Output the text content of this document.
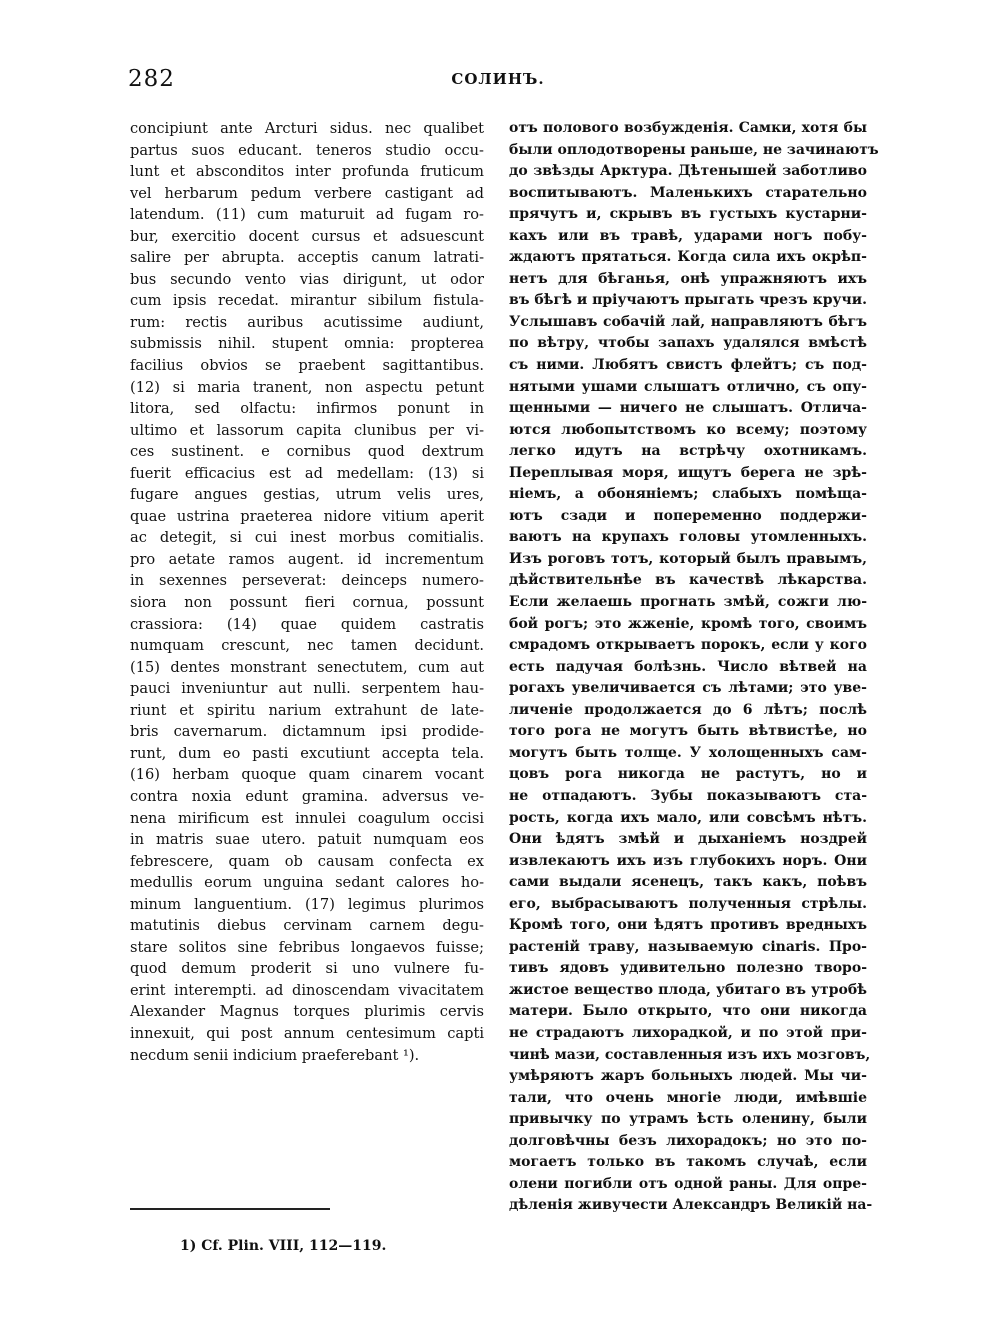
282	СОЛИНЪ.
concipiunt ante Arcturi sidus. nec qualibet
partus suos educant. teneros studio occu-
lunt et absconditos inter profunda fruticum
vel herbarum pedum verbere castigant ad
latendum. (11) cum maturuit ad fugam ro-
bur, exercitio docent cursus et adsuescunt
salire per abrupta. acceptis canum latrati-
bus secundo vento vias dirigunt, ut odor
cum ipsis recedat. mirantur sibilum fistula-
rum: rectis auribus acutissime audiunt,
submissis nihil. stupent omnia: propterea
facilius obvios se praebent sagittantibus.
(12) si maria tranent, non aspectu petunt
litora, sed olfactu: infirmos ponunt in
ultimo et lassorum capita clunibus per vi-
ces sustinent. e cornibus quod dextrum
fuerit efficacius est ad medellam: (13) si
fugare angues gestias, utrum velis ures,
quae ustrina praeterea nidore vitium aperit
ac detegit, si cui inest morbus comitialis.
pro aetate ramos augent. id incrementum
in sexennes perseverat: deinceps numero-
siora non possunt fieri cornua, possunt
crassiora: (14) quae quidem castratis
numquam crescunt, nec tamen decidunt.
(15) dentes monstrant senectutem, cum aut
pauci inveniuntur aut nulli. serpentem hau-
riunt et spiritu narium extrahunt de late-
bris cavernarum. dictamnum ipsi prodide-
runt, dum eo pasti excutiunt accepta tela.
(16) herbam quoque quam cinarem vocant
contra noxia edunt gramina. adversus ve-
nena mirificum est innulei coagulum occisi
in matris suae utero. patuit numquam eos
febrescere, quam ob causam confecta ex
medullis eorum unguina sedant calores ho-
minum languentium. (17) legimus plurimos
matutinis diebus cervinam carnem degu-
stare solitos sine febribus longaevos fuisse;
quod demum proderit si uno vulnere fu-
erint interempti. ad dinoscendam vivacitatem
Alexander Magnus torques plurimis cervis
innexuit, qui post annum centesimum capti
necdum senii indicium praeferebant ¹).
отъ полового возбужденія. Самки, хотя бы
были оплодотворены раньше, не зачинаютъ
до звѣзды Арктура. Дѣтенышей заботливо
воспитываютъ. Маленькихъ старательно
прячутъ и, скрывъ въ густыхъ кустарни-
кахъ или въ травѣ, ударами ногъ побу-
ждаютъ прятаться. Когда сила ихъ окрѣп-
нетъ для бѣганья, онѣ упражняютъ ихъ
въ бѣгѣ и пріучаютъ прыгать чрезъ кручи.
Услышавъ собачій лай, направляютъ бѣгъ
по вѣтру, чтобы запахъ удалялся вмѣстѣ
съ ними. Любятъ свистъ флейтъ; съ под-
нятыми ушами слышатъ отлично, съ опу-
щенными — ничего не слышатъ. Отлича-
ются любопытствомъ ко всему; поэтому
легко идутъ на встрѣчу охотникамъ.
Переплывая моря, ищутъ берега не зрѣ-
ніемъ, а обоняніемъ; слабыхъ помѣща-
ютъ сзади и попеременно поддержи-
ваютъ на крупахъ головы утомленныхъ.
Изъ роговъ тотъ, который былъ правымъ,
дѣйствительнѣе въ качествѣ лѣкарства.
Если желаешь прогнать змѣй, сожги лю-
бой рогъ; это жженіе, кромѣ того, своимъ
смрадомъ открываетъ порокъ, если у кого
есть падучая болѣзнь. Число вѣтвей на
рогахъ увеличивается съ лѣтами; это уве-
личеніе продолжается до 6 лѣтъ; послѣ
того рога не могутъ быть вѣтвистѣе, но
могутъ быть толще. У холощенныхъ сам-
цовъ рога никогда не растутъ, но и
не отпадаютъ. Зубы показываютъ ста-
рость, когда ихъ мало, или совсѣмъ нѣтъ.
Они ѣдятъ змѣй и дыханіемъ ноздрей
извлекаютъ ихъ изъ глубокихъ норъ. Они
сами выдали ясенецъ, такъ какъ, поѣвъ
его, выбрасываютъ полученныя стрѣлы.
Кромѣ того, они ѣдятъ противъ вредныхъ
растеній траву, называемую cinaris. Про-
тивъ ядовъ удивительно полезно творо-
жистое вещество плода, убитаго въ утробѣ
матери. Было открыто, что они никогда
не страдаютъ лихорадкой, и по этой при-
чинѣ мази, составленныя изъ ихъ мозговъ,
умѣряютъ жаръ больныхъ людей. Мы чи-
тали, что очень многіе люди, имѣвшіе
привычку по утрамъ ѣсть оленину, были
долговѣчны безъ лихорадокъ; но это по-
могаетъ только въ такомъ случаѣ, если
олени погибли отъ одной раны. Для опре-
дѣленія живучести Александръ Великій на-
1) Cf. Plin. VIII, 112—119.
